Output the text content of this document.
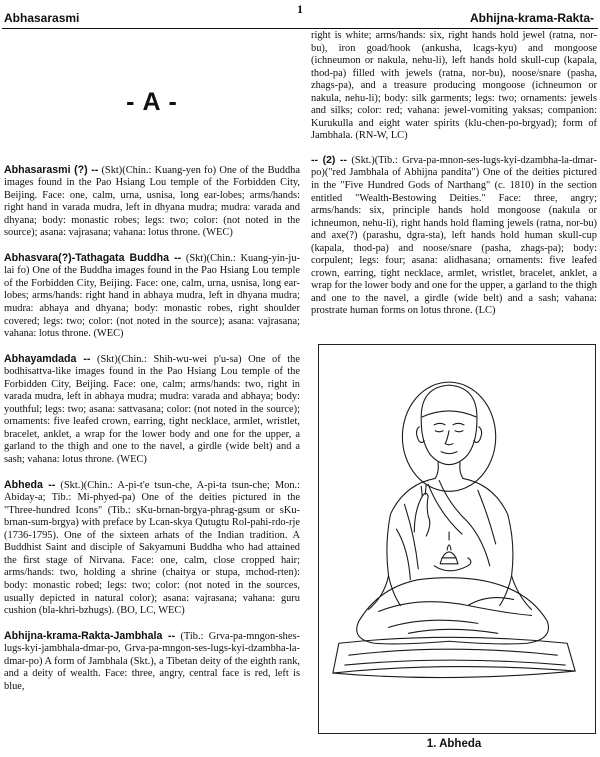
1
Abhasarasmi	Abhijna-krama-Rakta-
- A -

Abhasarasmi (?) -- (Skt)(Chin.: Kuang-yen fo) One of the Buddha images found in the Pao Hsiang Lou temple of the Forbidden City, Beijing. Face: one, calm, urna, usnisa, long ear-lobes; arms/hands: right hand in varada mudra, left in dhyana mudra; mudra: varada and dhyana; body: monastic robes; legs: two; color: (not noted in the source); asana: vajrasana; vahana: lotus throne. (WEC)

Abhasvara(?)-Tathagata Buddha -- (Skt)(Chin.: Kuang-yin-ju-lai fo) One of the Buddha images found in the Pao Hsiang Lou temple of the Forbidden City, Beijing. Face: one, calm, urna, usnisa, long ear-lobes; arms/hands: right hand in abhaya mudra, left in dhyana mudra; mudra: abhaya and dhyana; body: monastic robes, right shoulder covered; legs: two; color: (not noted in the source); asana: vajrasana; vahana: lotus throne. (WEC)

Abhayamdada -- (Skt)(Chin.: Shih-wu-wei p'u-sa) One of the bodhisattva-like images found in the Pao Hsiang Lou temple of the Forbidden City, Beijing. Face: one, calm; arms/hands: two, right in varada mudra, left in abhaya mudra; mudra: varada and abhaya; body: youthful; legs: two; asana: sattvasana; color: (not noted in the source); ornaments: five leafed crown, earring, tight necklace, armlet, wristlet, bracelet, anklet, a wrap for the lower body and one for the upper, a garland to the thigh and one to the navel, a girdle (wide belt) and a sash; vahana: lotus throne. (WEC)

Abheda -- (Skt.)(Chin.: A-pi-t'e tsun-che, A-pi-ta tsun-che; Mon.: Abiday-a; Tib.: Mi-phyed-pa) One of the deities pictured in the "Three-hundred Icons" (Tib.: sKu-brnan-brgya-phrag-gsum or sKu-brnan-sum-brgya) with preface by Lcan-skya Qutugtu Rol-pahi-rdo-rje (1736-1795). One of the sixteen arhats of the Indian tradition. A Buddhist Saint and disciple of Sakyamuni Buddha who had attained the first stage of Nirvana. Face: one, calm, close cropped hair; arms/hands: two, holding a shrine (chaitya or stupa, mchod-rten): body: monastic robed; legs: two; color: (not noted in the sources, usually depicted in natural color); asana: vajrasana; vahana: guru cushion (bla-khri-bzhugs). (BO, LC, WEC)

Abhijna-krama-Rakta-Jambhala -- (Tib.: Grva-pa-mngon-shes-lugs-kyi-jambhala-dmar-po, Grva-pa-mngon-ses-lugs-kyi-dzambha-la-dmar-po) A form of Jambhala (Skt.), a Tibetan deity of the eighth rank, and a deity of wealth. Face: three, angry, central face is red, left is blue,

right is white; arms/hands: six, right hands hold jewel (ratna, nor-bu), iron goad/hook (ankusha, lcags-kyu) and mongoose (ichneumon or nakula, nehu-li), left hands hold skull-cup (kapala, thod-pa) filled with jewels (ratna, nor-bu), noose/snare (pasha, zhags-pa), and a treasure producing mongoose (ichneumon or nakula, nehu-li); body: silk garments; legs: two; ornaments: jewels and silks; color: red; vahana: jewel-vomiting yaksas; companion: Kurukulla and eight water spirits (klu-chen-po-brgyad); form of Jambhala. (RN-W, LC)

-- (2) -- (Skt.)(Tib.: Grva-pa-mnon-ses-lugs-kyi-dzambha-la-dmar-po)("red Jambhala of Abhijna pandita") One of the deities pictured in the "Five Hundred Gods of Narthang" (c. 1810) in the section entitled "Wealth-Bestowing Deities." Face: three, angry; arms/hands: six, principle hands hold mongoose (nakula or ichneumon, nehu-li), right hands hold flaming jewels (ratna, nor-bu) and axe(?) (parashu, dgra-sta), left hands hold human skull-cup (kapala, thod-pa) and noose/snare (pasha, zhags-pa); body: corpulent; legs: four; asana: alidhasana; ornaments: five leafed crown, earring, tight necklace, armlet, wristlet, bracelet, anklet, a wrap for the lower body and one for the upper, a garland to the thigh and one to the navel, a girdle (wide belt) and a sash; vahana: prostrate human forms on lotus throne. (LC)

1. Abheda
